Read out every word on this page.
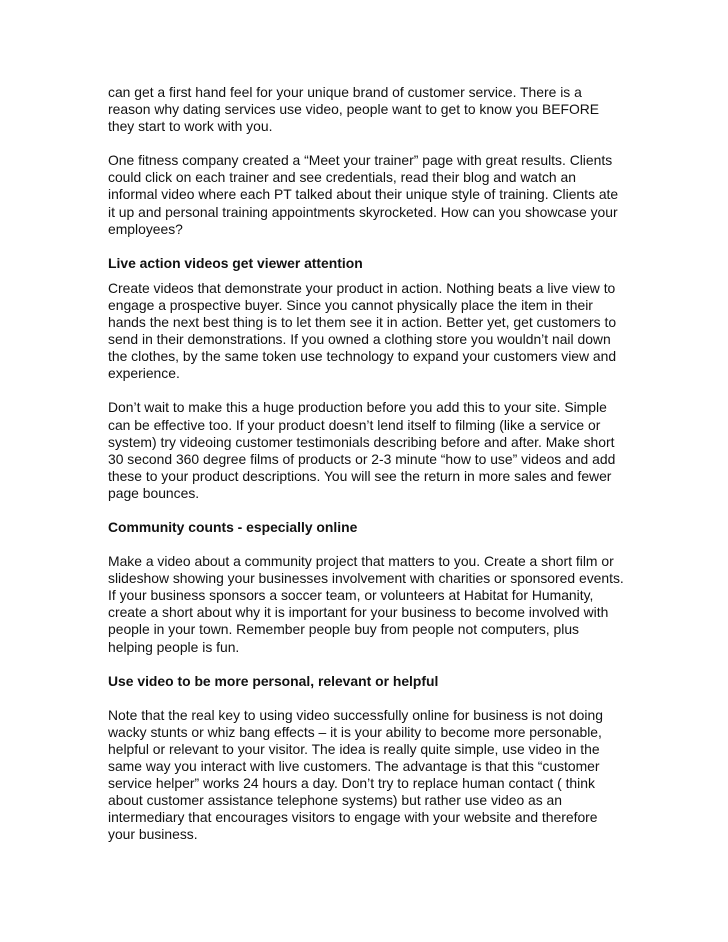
can get a first hand feel for your unique brand of customer service. There is a reason why dating services use video, people want to get to know you BEFORE they start to work with you.

One fitness company created a “Meet your trainer” page with great results. Clients could click on each trainer and see credentials, read their blog and watch an informal video where each PT talked about their unique style of training. Clients ate it up and personal training appointments skyrocketed. How can you showcase your employees?

Live action videos get viewer attention

Create videos that demonstrate your product in action. Nothing beats a live view to engage a prospective buyer. Since you cannot physically place the item in their hands the next best thing is to let them see it in action. Better yet, get customers to send in their demonstrations. If you owned a clothing store you wouldn’t nail down the clothes, by the same token use technology to expand your customers view and experience.

Don’t wait to make this a huge production before you add this to your site. Simple can be effective too. If your product doesn’t lend itself to filming (like a service or system) try videoing customer testimonials describing before and after. Make short 30 second 360 degree films of products or 2-3 minute “how to use” videos and add these to your product descriptions. You will see the return in more sales and fewer page bounces.

Community counts - especially online

Make a video about a community project that matters to you. Create a short film or slideshow showing your businesses involvement with charities or sponsored events. If your business sponsors a soccer team, or volunteers at Habitat for Humanity, create a short about why it is important for your business to become involved with people in your town. Remember people buy from people not computers, plus helping people is fun.

Use video to be more personal, relevant or helpful

Note that the real key to using video successfully online for business is not doing wacky stunts or whiz bang effects – it is your ability to become more personable, helpful or relevant to your visitor. The idea is really quite simple, use video in the same way you interact with live customers. The advantage is that this “customer service helper” works 24 hours a day. Don’t try to replace human contact ( think about customer assistance telephone systems) but rather use video as an intermediary that encourages visitors to engage with your website and therefore your business.
